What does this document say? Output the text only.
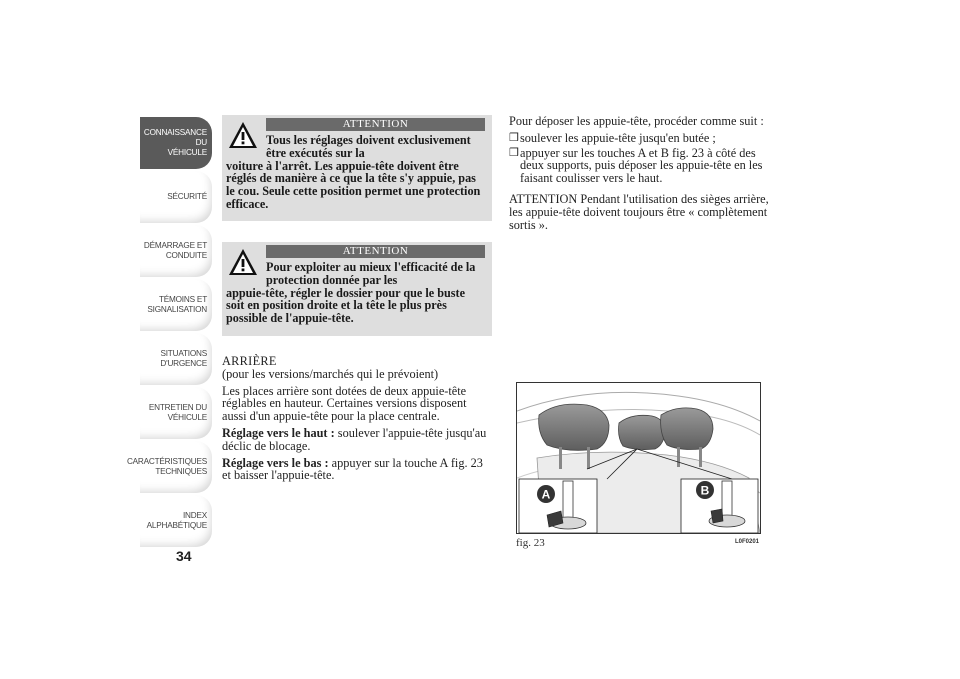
CONNAISSANCE DU
VÉHICULE
SÉCURITÉ
DÉMARRAGE ET
CONDUITE
TÉMOINS ET
SIGNALISATION
SITUATIONS
D'URGENCE
ENTRETIEN DU
VÉHICULE
CARACTÉRISTIQUES
TECHNIQUES
INDEX
ALPHABÉTIQUE
34
ATTENTION
Tous les réglages doivent exclusivement être exécutés sur la
voiture à l'arrêt. Les appuie-tête doivent être réglés de manière à ce que la tête s'y appuie, pas le cou. Seule cette position permet une protection efficace.
ATTENTION
Pour exploiter au mieux l'efficacité de la protection donnée par les
appuie-tête, régler le dossier pour que le buste soit en position droite et la tête le plus près possible de l'appuie-tête.
ARRIÈRE

(pour les versions/marchés qui le prévoient)

Les places arrière sont dotées de deux appuie-tête réglables en hauteur. Certaines versions disposent aussi d'un appuie-tête pour la place centrale.

Réglage vers le haut : soulever l'appuie-tête jusqu'au déclic de blocage.

Réglage vers le bas : appuyer sur la touche A fig. 23 et baisser l'appuie-tête.

Pour déposer les appuie-tête, procéder comme suit :

❒ soulever les appuie-tête jusqu'en butée ;
❒ appuyer sur les touches A et B fig. 23 à côté des deux supports, puis déposer les appuie-tête en les faisant coulisser vers le haut.

ATTENTION Pendant l'utilisation des sièges arrière, les appuie-tête doivent toujours être « complètement sortis ».

A	B
fig. 23	L0F0201
